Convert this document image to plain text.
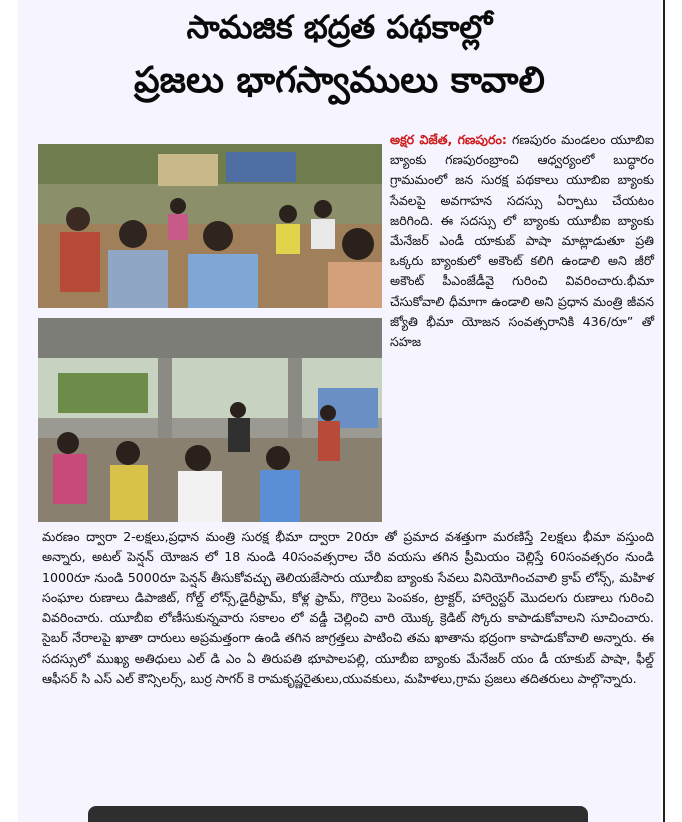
సామజిక భద్రత పథకాల్లో
ప్రజలు భాగస్వాములు కావాలి
అక్షర విజేత, గణపురం: గణపురం మండలం యూబిఐ బ్యాంకు గణపురంబ్రాంచి ఆధ్వర్యంలో బుద్ధారం గ్రామమంలో జన సురక్ష పథకాలు యూబిఐ బ్యాంకు సేవలపై అవగాహన సదస్సు ఏర్పాటు చేయటం జరిగింది. ఈ సదస్సు లో బ్యాంకు యూబీఐ బ్యాంకు మేనేజర్ ఎండీ యాకుబ్ పాషా మాట్లాడుతూ ప్రతి ఒక్కరు బ్యాంకులో అకౌంట్ కలిగి ఉండాలి అని జీరో అకౌంట్ పీఎంజేడీవై గురించి వివరించారు.భీమా చేసుకోవాలి ధీమాగా ఉండాలి అని ప్రధాన మంత్రి జీవన జ్యోతి భీమా యోజన సంవత్సరానికి 436/రూ” తో సహజ
మరణం ద్వారా 2-లక్షలు,ప్రధాన మంత్రి సురక్ష భీమా ద్వారా 20రూ తో ప్రమాద వశత్తుగా మరణిస్తే 2లక్షలు భీమా వస్తుంది అన్నారు, అటల్ పెన్షన్ యోజన లో 18 నుండి 40సంవత్సరాల చేరి వయసు తగిన ప్రీమియం చెల్లిస్తే 60సంవత్సరం నుండి 1000రూ నుండి 5000రూ పెన్షన్ తీసుకోవచ్చు తెలియజేసారు యూబీఐ బ్యాంకు సేవలు వినియోగించవాలి క్రాప్ లోన్స్, మహిళ సంఘాల రుణాలు డిపాజిట్, గోల్డ్ లోన్స్,డైరీఫ్రామ్, కోళ్ల ఫ్రామ్, గొర్రెలు పెంపకం, ట్రాక్టర్, హార్వెస్టర్ మొదలగు రుణాలు గురించి వివరించారు. యూబీఐ లోణీసుకున్నవారు సకాలం లో వడ్డీ చెల్లించి వారి యొక్క క్రెడిట్ స్కోరు కాపాడుకోవాలని సూచించారు. సైబర్ నేరాలపై ఖాతా దారులు అప్రమత్తంగా ఉండి తగిన జాగ్రత్తలు పాటించి తమ ఖాతాను భద్రంగా కాపాడుకోవాలి అన్నారు. ఈ సదస్సులో ముఖ్య అతిధులు ఎల్ డి ఎం ఏ తిరుపతి భూపాలపల్లి, యూబీఐ బ్యాంకు మేనేజర్ యం డీ యాకుబ్ పాషా, ఫీల్డ్ ఆఫీసర్ సి ఎస్ ఎల్ కౌన్సిలర్స్, బుర్ర సాగర్ కె రామకృష్ణరైతులు,యువకులు, మహిళలు,గ్రామ ప్రజలు తదితరులు పాల్గొన్నారు.
